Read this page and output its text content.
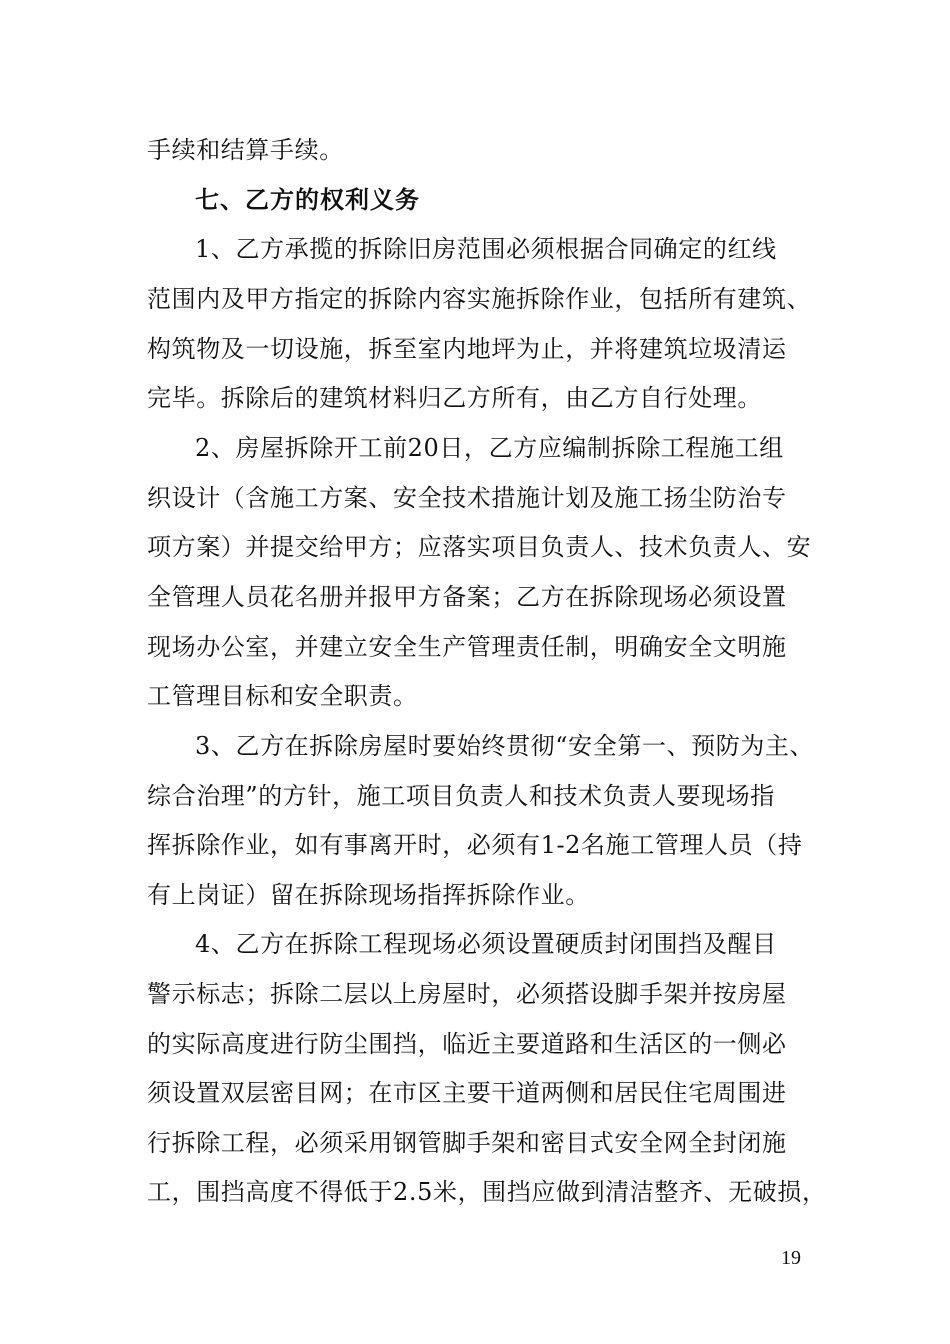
手续和结算手续。
七、乙方的权利义务
1、乙方承揽的拆除旧房范围必须根据合同确定的红线
范围内及甲方指定的拆除内容实施拆除作业，包括所有建筑、
构筑物及一切设施，拆至室内地坪为止，并将建筑垃圾清运
完毕。拆除后的建筑材料归乙方所有，由乙方自行处理。
2、房屋拆除开工前20日，乙方应编制拆除工程施工组
织设计（含施工方案、安全技术措施计划及施工扬尘防治专
项方案）并提交给甲方；应落实项目负责人、技术负责人、安
全管理人员花名册并报甲方备案；乙方在拆除现场必须设置
现场办公室，并建立安全生产管理责任制，明确安全文明施
工管理目标和安全职责。
3、乙方在拆除房屋时要始终贯彻“安全第一、预防为主、
综合治理”的方针，施工项目负责人和技术负责人要现场指
挥拆除作业，如有事离开时，必须有1-2名施工管理人员（持
有上岗证）留在拆除现场指挥拆除作业。
4、乙方在拆除工程现场必须设置硬质封闭围挡及醒目
警示标志；拆除二层以上房屋时，必须搭设脚手架并按房屋
的实际高度进行防尘围挡，临近主要道路和生活区的一侧必
须设置双层密目网；在市区主要干道两侧和居民住宅周围进
行拆除工程，必须采用钢管脚手架和密目式安全网全封闭施
工，围挡高度不得低于2.5米，围挡应做到清洁整齐、无破损，
19
